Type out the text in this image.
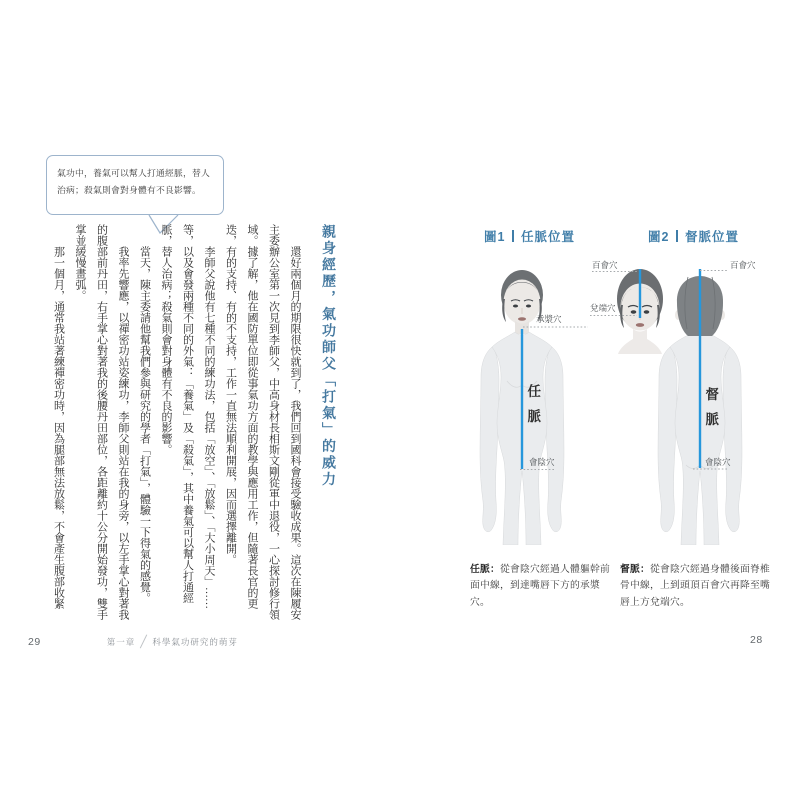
氣功中，養氣可以幫人打通經脈，替人治病；殺氣則會對身體有不良影響。

親身經歷，氣功師父「打氣」的威力

還好兩個月的期限很快就到了，我們回到國科會接受驗收成果。這次在陳履安主委辦公室第一次見到李師父，中高身材長相斯文剛從軍中退役，一心探討修行領域。據了解，他在國防單位即從事氣功方面的教學與應用工作，但隨著長官的更迭，有的支持、有的不支持，工作一直無法順利開展，因而選擇離開。

李師父說他有七種不同的練功法，包括「放空」、「放鬆」、「大小周天」……等，以及會發兩種不同的外氣：「養氣」及「殺氣」，其中養氣可以幫人打通經脈，替人治病；殺氣則會對身體有不良的影響。

當天，陳主委請他幫我們參與研究的學者「打氣」，體驗一下得氣的感覺。

我率先響應，以禪密功站姿練功，李師父則站在我的身旁，以左手掌心對著我的腹部前丹田，右手掌心對著我的後腰丹田部位，各距離約十公分開始發功，雙手掌並緩慢畫弧。

那一個月，通常我站著練禪密功時，因為腿部無法放鬆，不會產生腹部收緊

29	第一章 科學氣功研究的萌芽
圖1 任脈位置
承漿穴
任
脈
會陰穴

任脈：從會陰穴經過人體軀幹前面中線，到達嘴唇下方的承漿穴。

圖2 督脈位置
百會穴
兌端穴
百會穴
督
脈
會陰穴

督脈：從會陰穴經過身體後面脊椎骨中線，上到頭頂百會穴再降至嘴唇上方兌端穴。

28
